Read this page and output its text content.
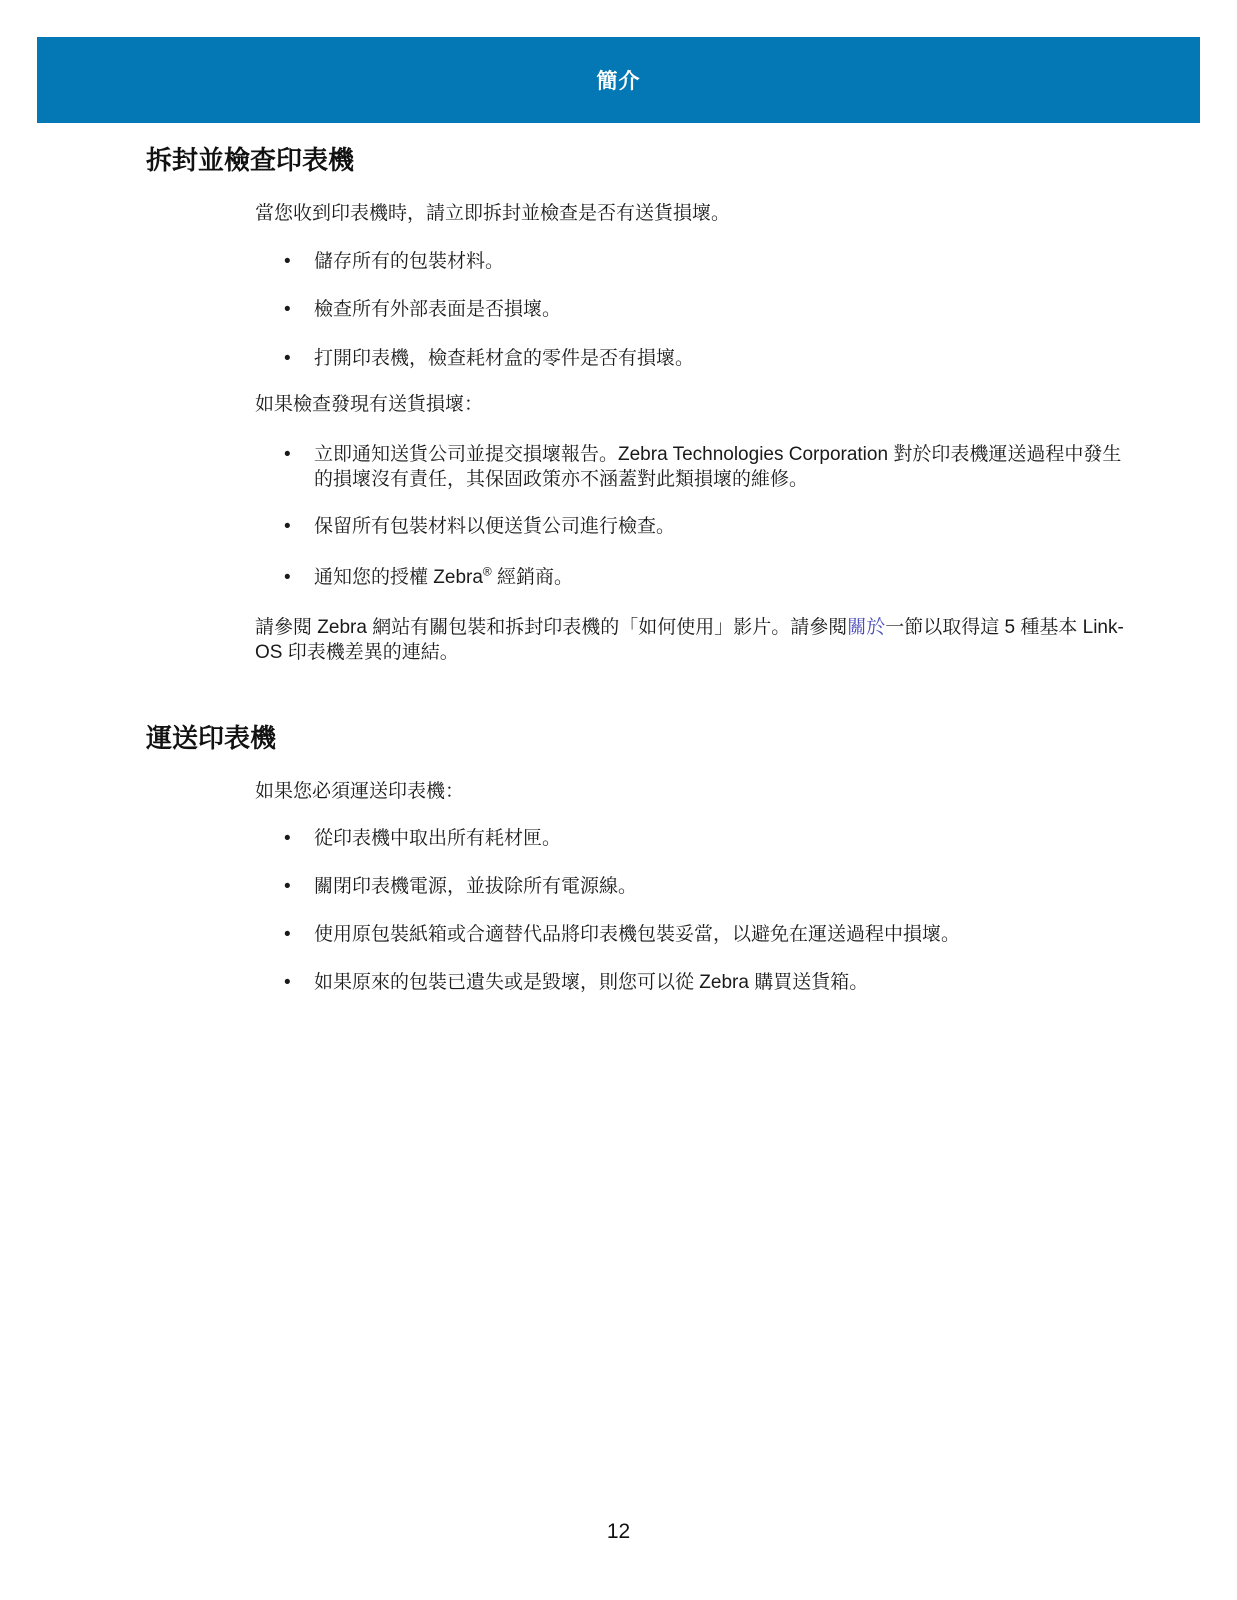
簡介
拆封並檢查印表機

當您收到印表機時，請立即拆封並檢查是否有送貨損壞。

•	儲存所有的包裝材料。
•	檢查所有外部表面是否損壞。
•	打開印表機，檢查耗材盒的零件是否有損壞。

如果檢查發現有送貨損壞：

•	立即通知送貨公司並提交損壞報告。Zebra Technologies Corporation 對於印表機運送過程中發生的損壞沒有責任，其保固政策亦不涵蓋對此類損壞的維修。
•	保留所有包裝材料以便送貨公司進行檢查。
•	通知您的授權 Zebra® 經銷商。

請參閱 Zebra 網站有關包裝和拆封印表機的「如何使用」影片。請參閱關於一節以取得這 5 種基本 Link-OS 印表機差異的連結。

運送印表機

如果您必須運送印表機：

•	從印表機中取出所有耗材匣。
•	關閉印表機電源，並拔除所有電源線。
•	使用原包裝紙箱或合適替代品將印表機包裝妥當，以避免在運送過程中損壞。
•	如果原來的包裝已遺失或是毀壞，則您可以從 Zebra 購買送貨箱。
12
